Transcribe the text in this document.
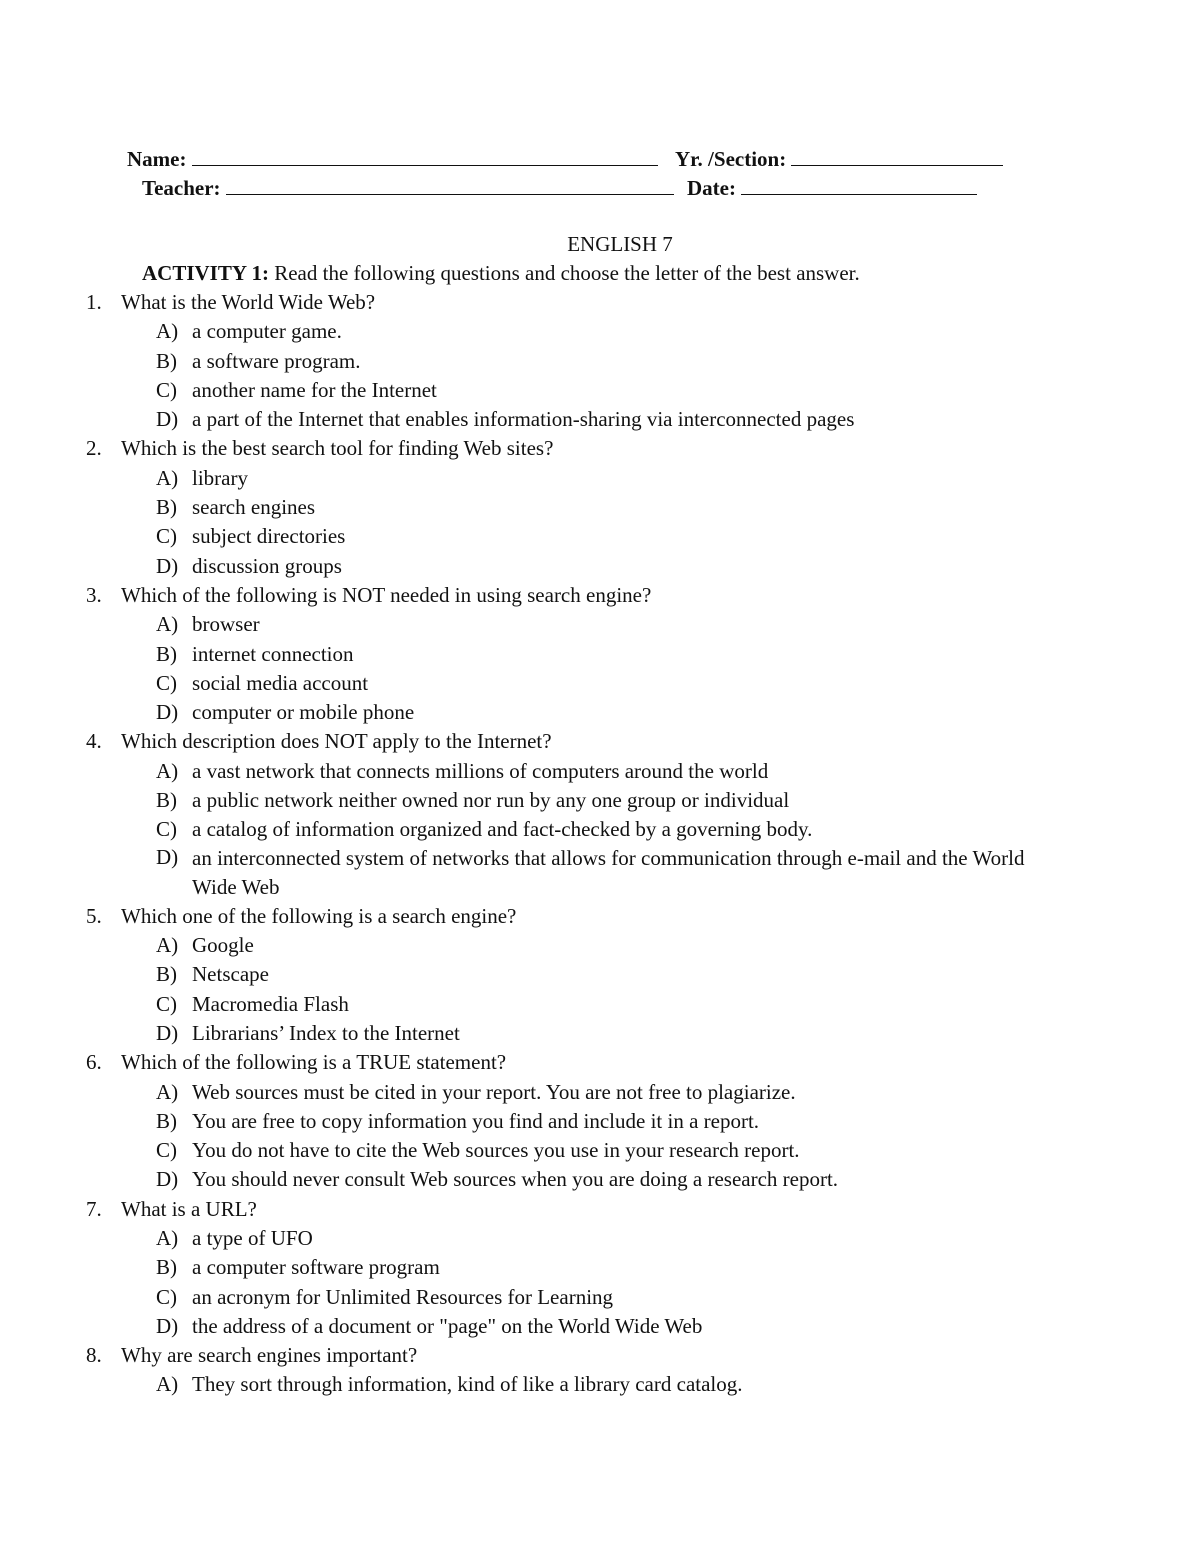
Name:	Yr. /Section:
Teacher:	Date:
ENGLISH 7
ACTIVITY 1: Read the following questions and choose the letter of the best answer.
1. What is the World Wide Web?
A) a computer game.
B) a software program.
C) another name for the Internet
D) a part of the Internet that enables information-sharing via interconnected pages
2. Which is the best search tool for finding Web sites?
A) library
B) search engines
C) subject directories
D) discussion groups
3. Which of the following is NOT needed in using search engine?
A) browser
B) internet connection
C) social media account
D) computer or mobile phone
4. Which description does NOT apply to the Internet?
A) a vast network that connects millions of computers around the world
B) a public network neither owned nor run by any one group or individual
C) a catalog of information organized and fact-checked by a governing body.
D) an interconnected system of networks that allows for communication through e-mail and the World Wide Web
5. Which one of the following is a search engine?
A) Google
B) Netscape
C) Macromedia Flash
D) Librarians’ Index to the Internet
6. Which of the following is a TRUE statement?
A) Web sources must be cited in your report. You are not free to plagiarize.
B) You are free to copy information you find and include it in a report.
C) You do not have to cite the Web sources you use in your research report.
D) You should never consult Web sources when you are doing a research report.
7. What is a URL?
A) a type of UFO
B) a computer software program
C) an acronym for Unlimited Resources for Learning
D) the address of a document or "page" on the World Wide Web
8. Why are search engines important?
A) They sort through information, kind of like a library card catalog.
